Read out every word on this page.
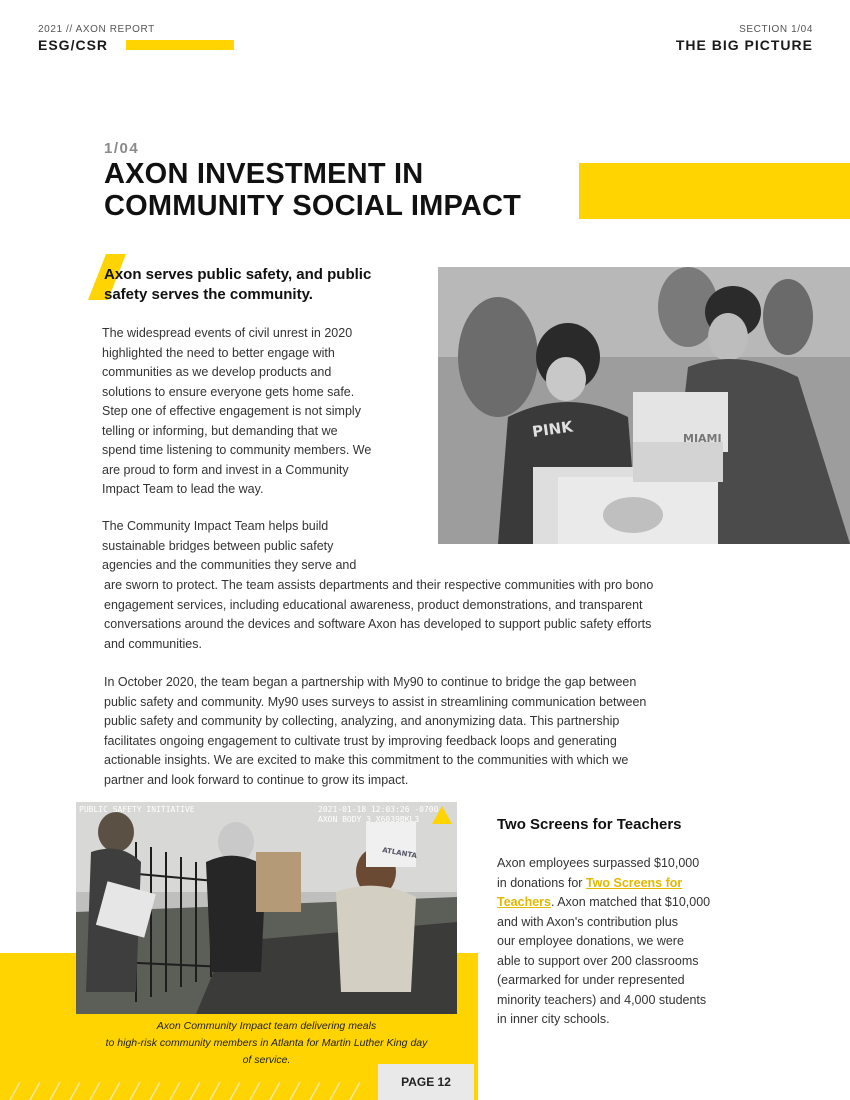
2021 // AXON REPORT
ESG/CSR
SECTION 1/04
THE BIG PICTURE
1/04
AXON INVESTMENT IN
COMMUNITY SOCIAL IMPACT
Axon serves public safety, and public
safety serves the community.
MIAMI
PINK

The widespread events of civil unrest in 2020

highlighted the need to better engage with

communities as we develop products and

solutions to ensure everyone gets home safe.

Step one of effective engagement is not simply

telling or informing, but demanding that we

spend time listening to community members. We

are proud to form and invest in a Community

Impact Team to lead the way.

The Community Impact Team helps build

sustainable bridges between public safety

agencies and the communities they serve and

are sworn to protect. The team assists departments and their respective communities with pro bono

engagement services, including educational awareness, product demonstrations, and transparent

conversations around the devices and software Axon has developed to support public safety efforts

and communities.

In October 2020, the team began a partnership with My90 to continue to bridge the gap between

public safety and community. My90 uses surveys to assist in streamlining communication between

public safety and community by collecting, analyzing, and anonymizing data. This partnership

facilitates ongoing engagement to cultivate trust by improving feedback loops and generating

actionable insights. We are excited to make this commitment to the communities with which we

partner and look forward to continue to grow its impact.

PUBLIC SAFETY INITIATIVE	2021-01-18 12:03:26 -0700
AXON BODY 3 X6039BKL3
ATLANTA
Axon Community Impact team delivering meals
to high-risk community members in Atlanta for Martin Luther King day
of service.
Two Screens for Teachers

Axon employees surpassed $10,000

in donations for Two Screens for

Teachers. Axon matched that $10,000

and with Axon's contribution plus

our employee donations, we were

able to support over 200 classrooms

(earmarked for under represented

minority teachers) and 4,000 students

in inner city schools.

PAGE 12
